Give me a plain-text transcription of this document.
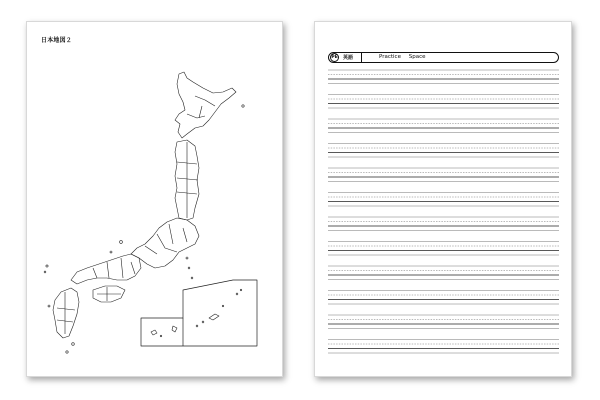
日本地図２
PE 英語	Practice Space
